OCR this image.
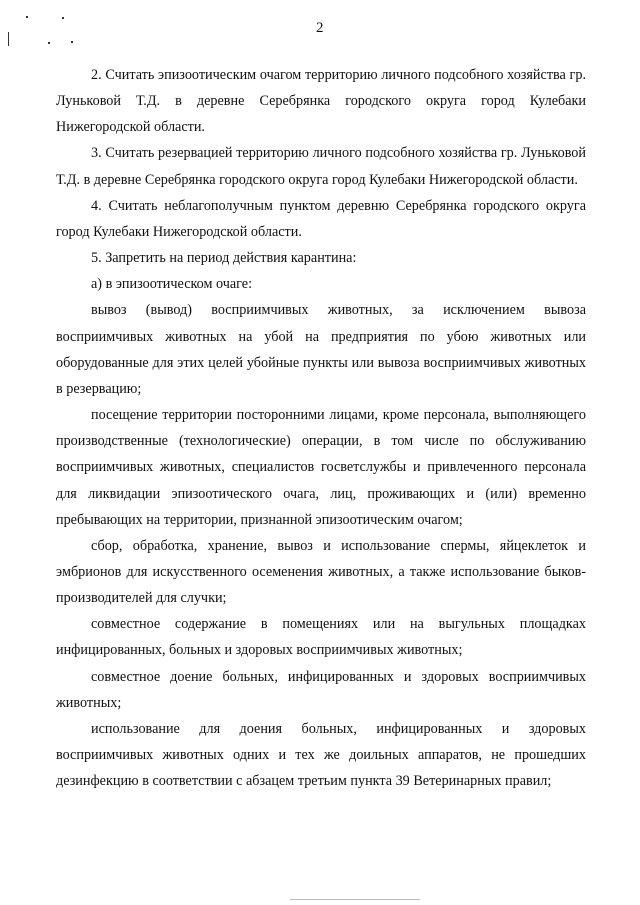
2

2. Считать эпизоотическим очагом территорию личного подсобного хозяйства гр. Луньковой Т.Д. в деревне Серебрянка городского округа город Кулебаки Нижегородской области.

3. Считать резервацией территорию личного подсобного хозяйства гр. Луньковой Т.Д. в деревне Серебрянка городского округа город Кулебаки Нижегородской области.

4. Считать неблагополучным пунктом деревню Серебрянка городского округа город Кулебаки Нижегородской области.

5. Запретить на период действия карантина:

а) в эпизоотическом очаге:

вывоз (вывод) восприимчивых животных, за исключением вывоза восприимчивых животных на убой на предприятия по убою животных или оборудованные для этих целей убойные пункты или вывоза восприимчивых животных в резервацию;

посещение территории посторонними лицами, кроме персонала, выполняющего производственные (технологические) операции, в том числе по обслуживанию восприимчивых животных, специалистов госветслужбы и привлеченного персонала для ликвидации эпизоотического очага, лиц, проживающих и (или) временно пребывающих на территории, признанной эпизоотическим очагом;

сбор, обработка, хранение, вывоз и использование спермы, яйцеклеток и эмбрионов для искусственного осеменения животных, а также использование быков-производителей для случки;

совместное содержание в помещениях или на выгульных площадках инфицированных, больных и здоровых восприимчивых животных;

совместное доение больных, инфицированных и здоровых восприимчивых животных;

использование для доения больных, инфицированных и здоровых восприимчивых животных одних и тех же доильных аппаратов, не прошедших дезинфекцию в соответствии с абзацем третьим пункта 39 Ветеринарных правил;
